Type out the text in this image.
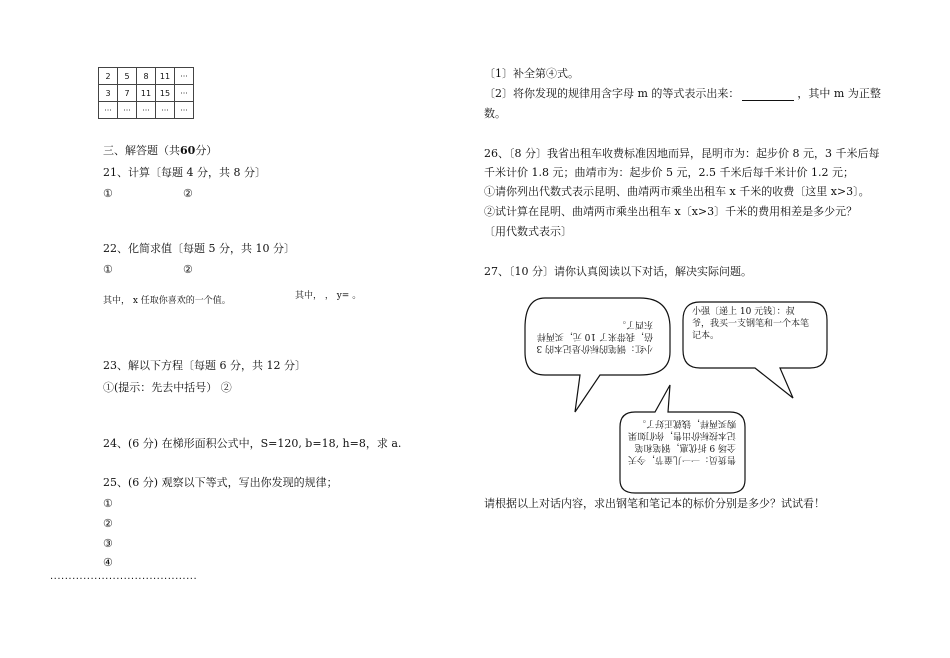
2	5	8	11	···
3	7	11	15	···
···	···	···	···	···
三、解答题（共60分）
21、计算〔每题 4 分，共 8 分〕
①	②
22、化简求值〔每题 5 分，共 10 分〕
①	②
其中， x 任取你喜欢的一个值。	其中， ， y= 。
23、解以下方程〔每题 6 分，共 12 分〕
①(提示：先去中括号） ②
24、(6 分) 在梯形面积公式中，S=120, b=18, h=8，求 a.
25、(6 分) 观察以下等式，写出你发现的规律；
①
②
③
④
........................................
〔1〕补全第④式。
〔2〕将你发现的规律用含字母 m 的等式表示出来：	，其中 m 为正整
数。
26、〔8 分〕我省出租车收费标准因地而异，昆明市为：起步价 8 元，3 千米后每
千米计价 1.8 元；曲靖市为：起步价 5 元，2.5 千米后每千米计价 1.2 元；
①请你列出代数式表示昆明、曲靖两市乘坐出租车 x 千米的收费〔这里 x>3〕。
②试计算在昆明、曲靖两市乘坐出租车 x〔x>3〕千米的费用相差是多少元？
〔用代数式表示〕
27、〔10 分〕请你认真阅读以下对话，解决实际问题。
小红：钢笔的标价是记本的 3 倍，我带来了 10 元，买两样东西了。
小强〔递上 10 元钱〕：叔爷，我买一支钢笔和一个本笔记本。
售货员：一一儿童节，今天全场 9 折优惠，钢笔和笔记本按标价出售，你们如果购买两样，钱就正好了。
请根据以上对话内容，求出钢笔和笔记本的标价分别是多少？试试看！
